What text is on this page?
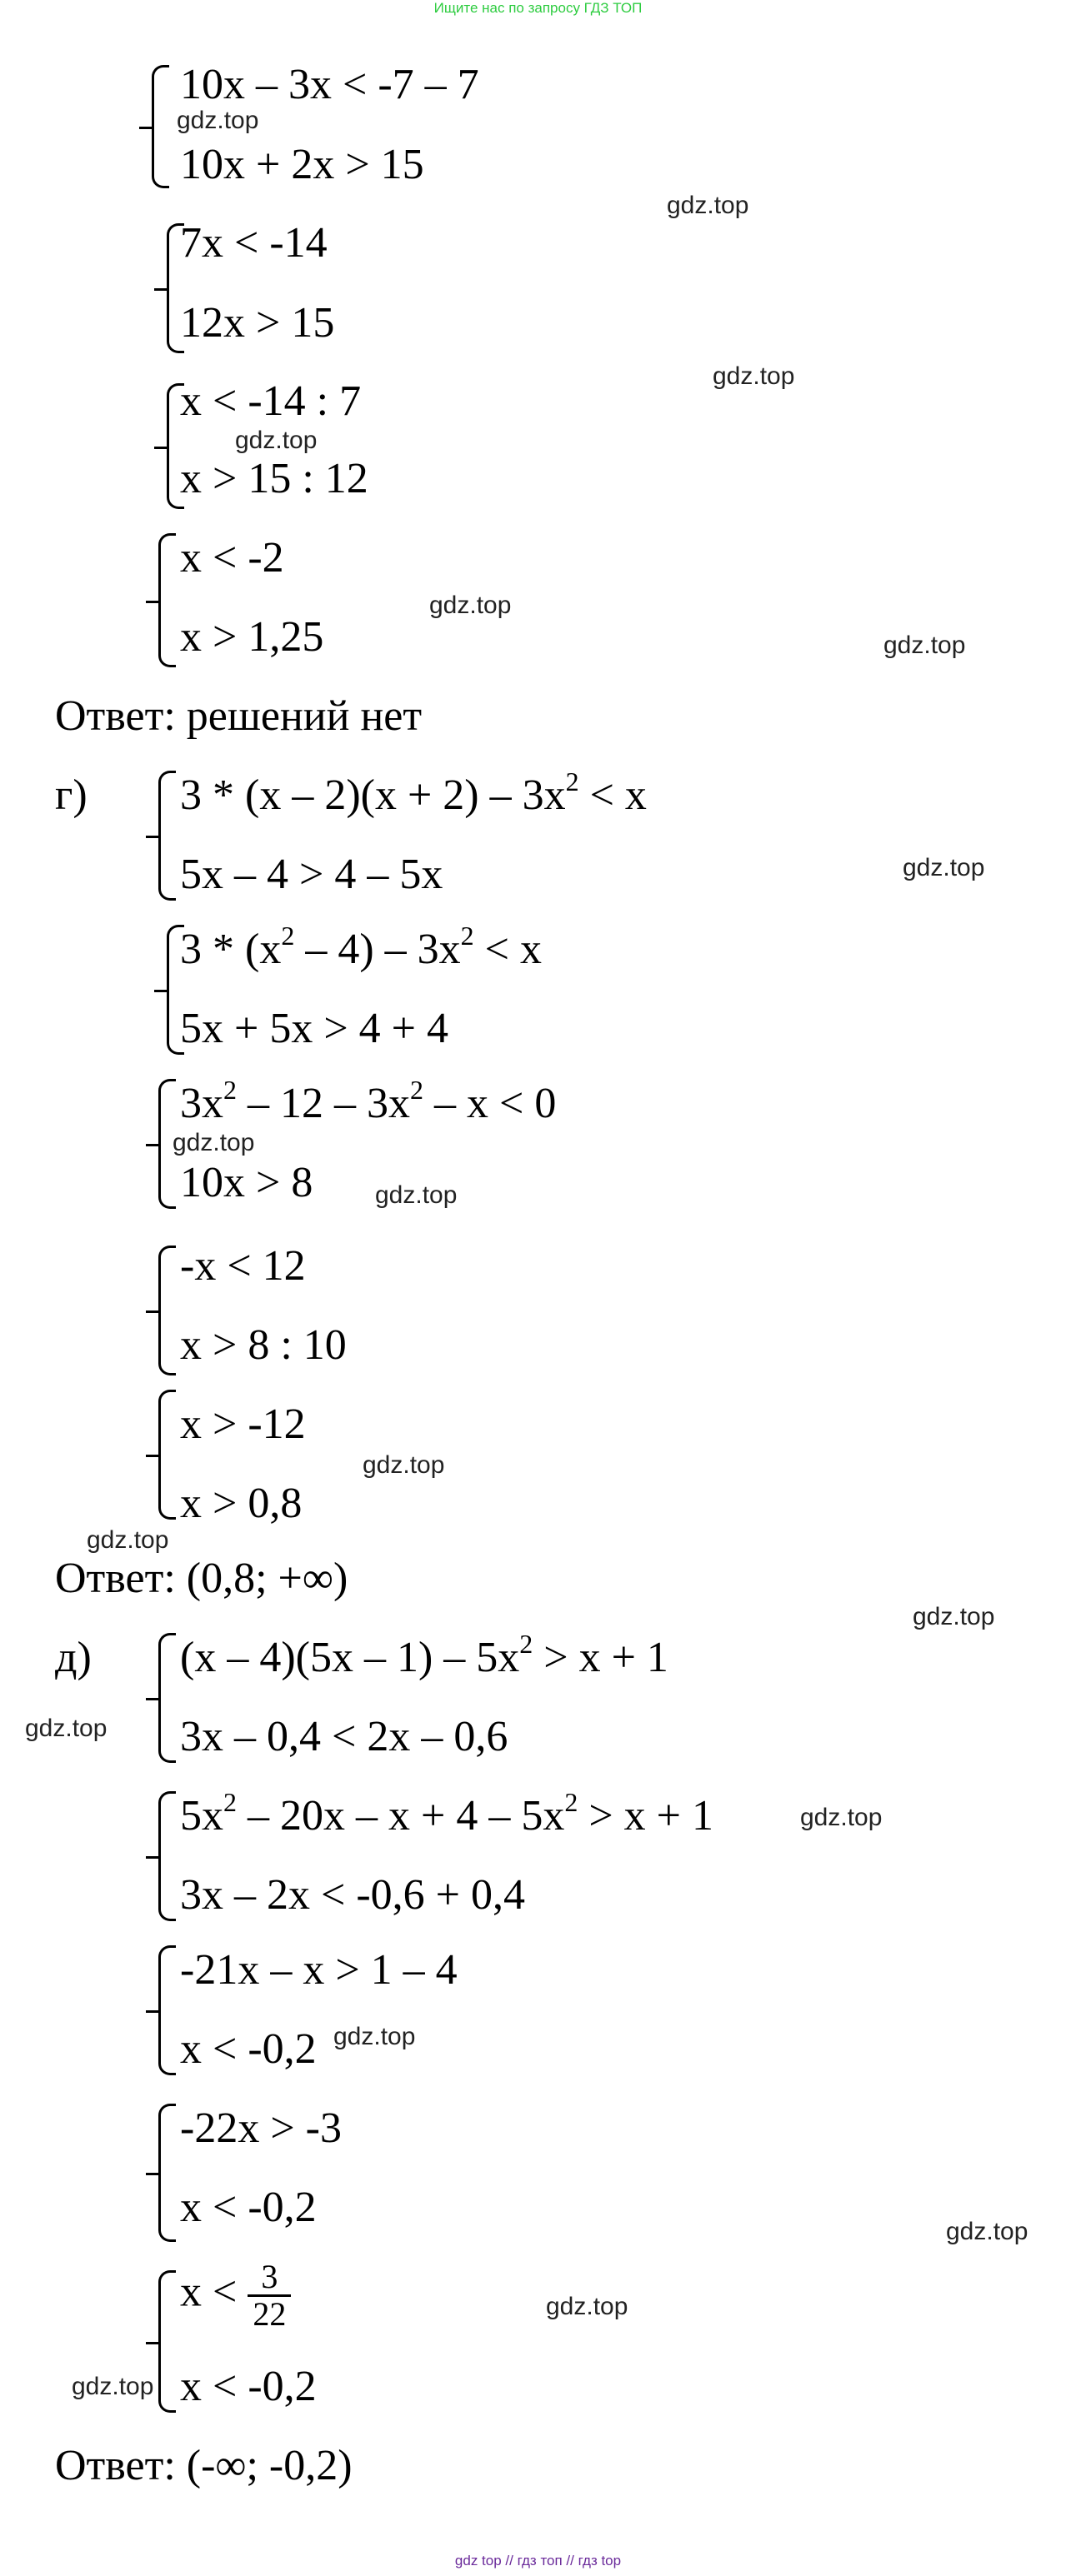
Ищите нас по запросу ГДЗ ТОП
10x – 3x < -7 – 7
10x + 2x > 15
7x < -14
12x > 15
x < -14 : 7
x > 15 : 12
x < -2
x > 1,25
Ответ: решений нет
г) $3 * (x - 2)(x + 2) - 3x^2 < x$
5x – 4 > 4 – 5x
$3 * (x^2 - 4) - 3x^2 < x$
5x + 5x > 4 + 4
$3x^2 - 12 - 3x^2 - x < 0$
10x > 8
-x < 12
x > 8 : 10
x > -12
x > 0,8
Ответ: (0,8; +∞)
д) $(x - 4)(5x - 1) - 5x^2 > x + 1$
3x – 0,4 < 2x – 0,6
$5x^2 - 20x - x + 4 - 5x^2 > x + 1$
3x – 2x < -0,6 + 0,4
-21x – x > 1 – 4
x < -0,2
-22x > -3
x < -0,2
$x < \frac{3}{22}$
x < -0,2
Ответ: (-∞; -0,2)
gdz.top
gdz.top
gdz.top
gdz.top
gdz.top
gdz.top
gdz.top
gdz.top
gdz.top
gdz.top
gdz.top
gdz.top
gdz.top
gdz.top
gdz.top
gdz.top
gdz.top
gdz.top
gdz top // гдз топ // гдз top
